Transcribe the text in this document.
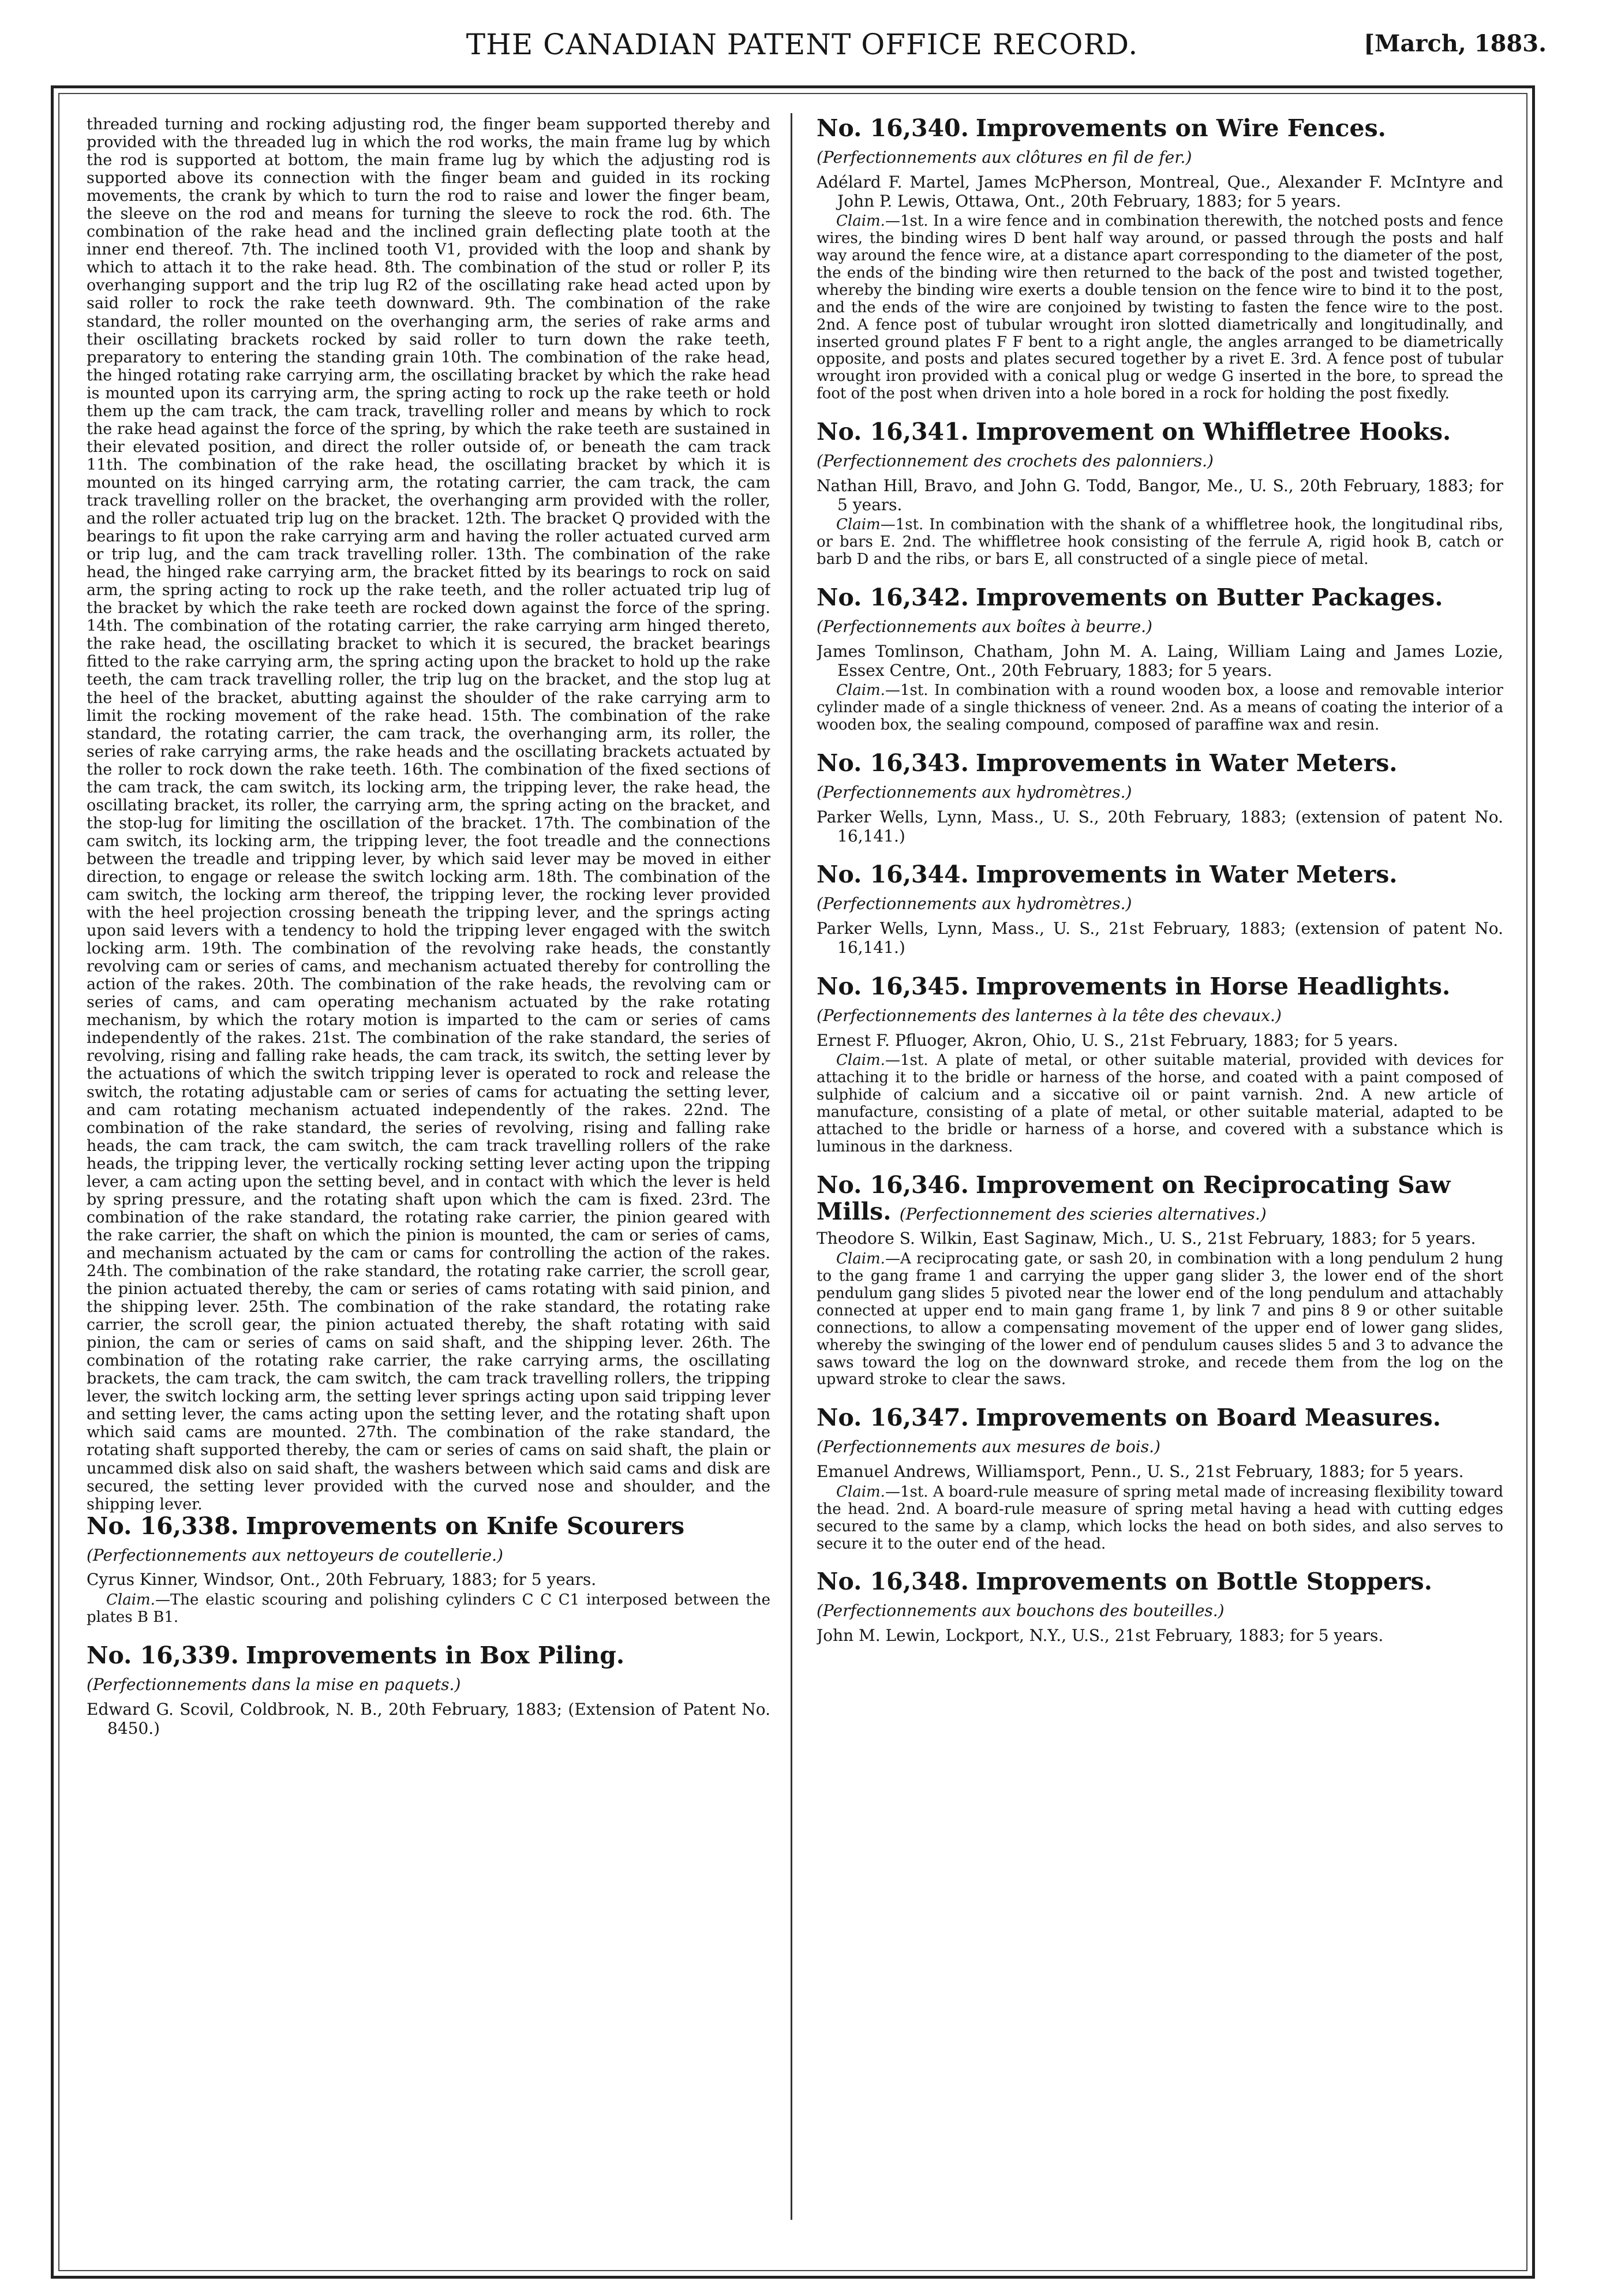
THE CANADIAN PATENT OFFICE RECORD.	[March, 1883.

threaded turning and rocking adjusting rod, the finger beam supported thereby and provided with the threaded lug in which the rod works, the main frame lug by which the rod is supported at bottom, the main frame lug by which the adjusting rod is supported above its connection with the finger beam and guided in its rocking movements, the crank by which to turn the rod to raise and lower the finger beam, the sleeve on the rod and means for turning the sleeve to rock the rod. 6th. The combination of the rake head and the inclined grain deflecting plate tooth at the inner end thereof. 7th. The inclined tooth V1, provided with the loop and shank by which to attach it to the rake head. 8th. The combination of the stud or roller P, its overhanging support and the trip lug R2 of the oscillating rake head acted upon by said roller to rock the rake teeth downward. 9th. The combination of the rake standard, the roller mounted on the overhanging arm, the series of rake arms and their oscillating brackets rocked by said roller to turn down the rake teeth, preparatory to entering the standing grain 10th. The combination of the rake head, the hinged rotating rake carrying arm, the oscillating bracket by which the rake head is mounted upon its carrying arm, the spring acting to rock up the rake teeth or hold them up the cam track, the cam track, travelling roller and means by which to rock the rake head against the force of the spring, by which the rake teeth are sustained in their elevated position, and direct the roller outside of, or beneath the cam track 11th. The combination of the rake head, the oscillating bracket by which it is mounted on its hinged carrying arm, the rotating carrier, the cam track, the cam track travelling roller on the bracket, the overhanging arm provided with the roller, and the roller actuated trip lug on the bracket. 12th. The bracket Q provided with the bearings to fit upon the rake carrying arm and having the roller actuated curved arm or trip lug, and the cam track travelling roller. 13th. The combination of the rake head, the hinged rake carrying arm, the bracket fitted by its bearings to rock on said arm, the spring acting to rock up the rake teeth, and the roller actuated trip lug of the bracket by which the rake teeth are rocked down against the force of the spring. 14th. The combination of the rotating carrier, the rake carrying arm hinged thereto, the rake head, the oscillating bracket to which it is secured, the bracket bearings fitted to the rake carrying arm, the spring acting upon the bracket to hold up the rake teeth, the cam track travelling roller, the trip lug on the bracket, and the stop lug at the heel of the bracket, abutting against the shoulder of the rake carrying arm to limit the rocking movement of the rake head. 15th. The combination of the rake standard, the rotating carrier, the cam track, the overhanging arm, its roller, the series of rake carrying arms, the rake heads and the oscillating brackets actuated by the roller to rock down the rake teeth. 16th. The combination of the fixed sections of the cam track, the cam switch, its locking arm, the tripping lever, the rake head, the oscillating bracket, its roller, the carrying arm, the spring acting on the bracket, and the stop-lug for limiting the oscillation of the bracket. 17th. The combination of the cam switch, its locking arm, the tripping lever, the foot treadle and the connections between the treadle and tripping lever, by which said lever may be moved in either direction, to engage or release the switch locking arm. 18th. The combination of the cam switch, the locking arm thereof, the tripping lever, the rocking lever provided with the heel projection crossing beneath the tripping lever, and the springs acting upon said levers with a tendency to hold the tripping lever engaged with the switch locking arm. 19th. The combination of the revolving rake heads, the constantly revolving cam or series of cams, and mechanism actuated thereby for controlling the action of the rakes. 20th. The combination of the rake heads, the revolving cam or series of cams, and cam operating mechanism actuated by the rake rotating mechanism, by which the rotary motion is imparted to the cam or series of cams independently of the rakes. 21st. The combination of the rake standard, the series of revolving, rising and falling rake heads, the cam track, its switch, the setting lever by the actuations of which the switch tripping lever is operated to rock and release the switch, the rotating adjustable cam or series of cams for actuating the setting lever, and cam rotating mechanism actuated independently of the rakes. 22nd. The combination of the rake standard, the series of revolving, rising and falling rake heads, the cam track, the cam switch, the cam track travelling rollers of the rake heads, the tripping lever, the vertically rocking setting lever acting upon the tripping lever, a cam acting upon the setting bevel, and in contact with which the lever is held by spring pressure, and the rotating shaft upon which the cam is fixed. 23rd. The combination of the rake standard, the rotating rake carrier, the pinion geared with the rake carrier, the shaft on which the pinion is mounted, the cam or series of cams, and mechanism actuated by the cam or cams for controlling the action of the rakes. 24th. The combination of the rake standard, the rotating rake carrier, the scroll gear, the pinion actuated thereby, the cam or series of cams rotating with said pinion, and the shipping lever. 25th. The combination of the rake standard, the rotating rake carrier, the scroll gear, the pinion actuated thereby, the shaft rotating with said pinion, the cam or series of cams on said shaft, and the shipping lever. 26th. The combination of the rotating rake carrier, the rake carrying arms, the oscillating brackets, the cam track, the cam switch, the cam track travelling rollers, the tripping lever, the switch locking arm, the setting lever springs acting upon said tripping lever and setting lever, the cams acting upon the setting lever, and the rotating shaft upon which said cams are mounted. 27th. The combination of the rake standard, the rotating shaft supported thereby, the cam or series of cams on said shaft, the plain or uncammed disk also on said shaft, the washers between which said cams and disk are secured, the setting lever provided with the curved nose and shoulder, and the shipping lever.

No. 16,338. Improvements on Knife Scourers (Perfectionnements aux nettoyeurs de coutellerie.)

Cyrus Kinner, Windsor, Ont., 20th February, 1883; for 5 years.

Claim.—The elastic scouring and polishing cylinders C C C1 interposed between the plates B B1.

No. 16,339. Improvements in Box Piling. (Perfectionnements dans la mise en paquets.)

Edward G. Scovil, Coldbrook, N. B., 20th February, 1883; (Extension of Patent No. 8450.)

No. 16,340. Improvements on Wire Fences. (Perfectionnements aux clôtures en fil de fer.)

Adélard F. Martel, James McPherson, Montreal, Que., Alexander F. McIntyre and John P. Lewis, Ottawa, Ont., 20th February, 1883; for 5 years.

Claim.—1st. In a wire fence and in combination therewith, the notched posts and fence wires, the binding wires D bent half way around, or passed through the posts and half way around the fence wire, at a distance apart corresponding to the diameter of the post, the ends of the binding wire then returned to the back of the post and twisted together, whereby the binding wire exerts a double tension on the fence wire to bind it to the post, and the ends of the wire are conjoined by twisting to fasten the fence wire to the post. 2nd. A fence post of tubular wrought iron slotted diametrically and longitudinally, and inserted ground plates F F bent to a right angle, the angles arranged to be diametrically opposite, and posts and plates secured together by a rivet E. 3rd. A fence post of tubular wrought iron provided with a conical plug or wedge G inserted in the bore, to spread the foot of the post when driven into a hole bored in a rock for holding the post fixedly.

No. 16,341. Improvement on Whiffletree Hooks. (Perfectionnement des crochets des palonniers.)

Nathan Hill, Bravo, and John G. Todd, Bangor, Me., U. S., 20th February, 1883; for 5 years.

Claim—1st. In combination with the shank of a whiffletree hook, the longitudinal ribs, or bars E. 2nd. The whiffletree hook consisting of the ferrule A, rigid hook B, catch or barb D and the ribs, or bars E, all constructed of a single piece of metal.

No. 16,342. Improvements on Butter Packages. (Perfectionnements aux boîtes à beurre.)

James Tomlinson, Chatham, John M. A. Laing, William Laing and James Lozie, Essex Centre, Ont., 20th February, 1883; for 5 years.

Claim.—1st. In combination with a round wooden box, a loose and removable interior cylinder made of a single thickness of veneer. 2nd. As a means of coating the interior of a wooden box, the sealing compound, composed of paraffine wax and resin.

No. 16,343. Improvements in Water Meters. (Perfectionnements aux hydromètres.)

Parker Wells, Lynn, Mass., U. S., 20th February, 1883; (extension of patent No. 16,141.)

No. 16,344. Improvements in Water Meters. (Perfectionnements aux hydromètres.)

Parker Wells, Lynn, Mass., U. S., 21st February, 1883; (extension of patent No. 16,141.)

No. 16,345. Improvements in Horse Headlights. (Perfectionnements des lanternes à la tête des chevaux.)

Ernest F. Pfluoger, Akron, Ohio, U. S., 21st February, 1883; for 5 years.

Claim.—1st. A plate of metal, or other suitable material, provided with devices for attaching it to the bridle or harness of the horse, and coated with a paint composed of sulphide of calcium and a siccative oil or paint varnish. 2nd. A new article of manufacture, consisting of a plate of metal, or other suitable material, adapted to be attached to the bridle or harness of a horse, and covered with a substance which is luminous in the darkness.

No. 16,346. Improvement on Reciprocating Saw Mills. (Perfectionnement des scieries alternatives.)

Theodore S. Wilkin, East Saginaw, Mich., U. S., 21st February, 1883; for 5 years.

Claim.—A reciprocating gate, or sash 20, in combination with a long pendulum 2 hung to the gang frame 1 and carrying the upper gang slider 3, the lower end of the short pendulum gang slides 5 pivoted near the lower end of the long pendulum and attachably connected at upper end to main gang frame 1, by link 7 and pins 8 9 or other suitable connections, to allow a compensating movement of the upper end of lower gang slides, whereby the swinging of the lower end of pendulum causes slides 5 and 3 to advance the saws toward the log on the downward stroke, and recede them from the log on the upward stroke to clear the saws.

No. 16,347. Improvements on Board Measures. (Perfectionnements aux mesures de bois.)

Emanuel Andrews, Williamsport, Penn., U. S., 21st February, 1883; for 5 years.

Claim.—1st. A board-rule measure of spring metal made of increasing flexibility toward the head. 2nd. A board-rule measure of spring metal having a head with cutting edges secured to the same by a clamp, which locks the head on both sides, and also serves to secure it to the outer end of the head.

No. 16,348. Improvements on Bottle Stoppers. (Perfectionnements aux bouchons des bouteilles.)

John M. Lewin, Lockport, N.Y., U.S., 21st February, 1883; for 5 years.
